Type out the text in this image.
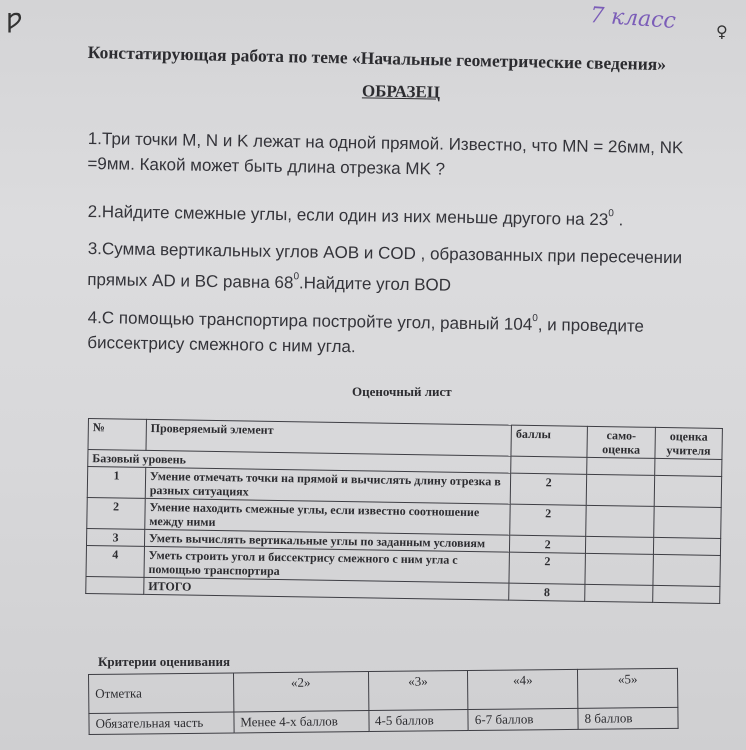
ƿ	♀
7 класс
Констатирующая работа по теме «Начальные геометрические сведения»
ОБРАЗЕЦ
1.Три точки M, N и K лежат на одной прямой. Известно, что MN = 26мм, NK =9мм. Какой может быть длина отрезка MK ?
2.Найдите смежные углы, если один из них меньше другого на $23^0$ .
3.Сумма вертикальных углов AOB и COD , образованных при пересечении прямых AD и BC равна $68^0.Найдите$ угол BOD
4.С помощью транспортира постройте угол, равный $104^0$, и проведите биссектрису смежного с ним угла.
Оценочный лист
№	Проверяемый элемент	баллы	само-оценка	оценка учителя
Базовый уровень				
1	Умение отмечать точки на прямой и вычислять длину отрезка в разных ситуациях	2		
2	Умение находить смежные углы, если известно соотношение между ними	2		
3	Уметь вычислять вертикальные углы по заданным условиям	2		
4	Уметь строить угол и биссектрису смежного с ним угла с помощью транспортира	2		
	ИТОГО	8		
Критерии оценивания
Отметка	«2»	«3»	«4»	«5»
Обязательная часть	Менее 4-х баллов	4-5 баллов	6-7 баллов	8 баллов
